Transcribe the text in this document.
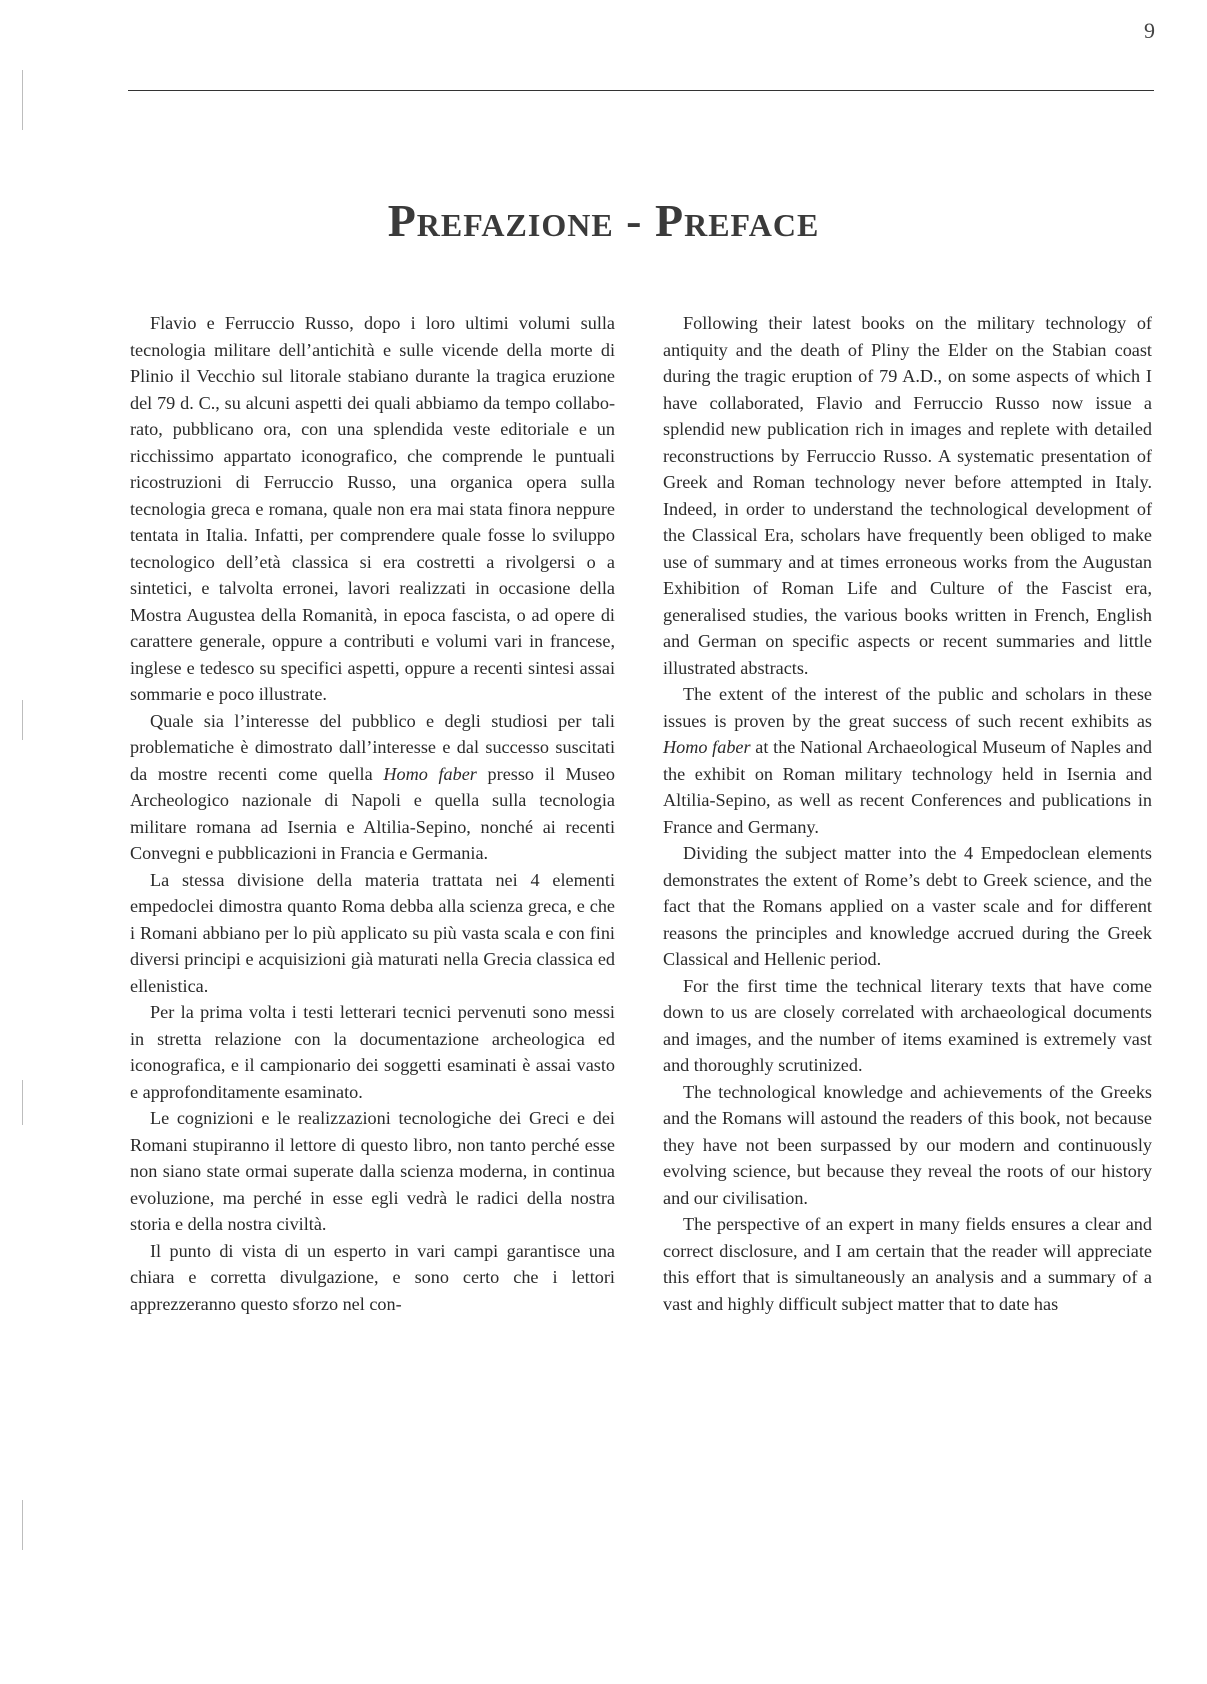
9
Prefazione - Preface

Flavio e Ferruccio Russo, dopo i loro ultimi volumi sulla tecnologia militare dell’antichità e sulle vicende della morte di Plinio il Vecchio sul litorale stabiano durante la tragica eruzione del 79 d. C., su alcuni aspetti dei quali abbiamo da tempo collaborato, pubblicano ora, con una splendida veste editoriale e un ricchissimo appartato iconografico, che comprende le puntuali ricostruzioni di Ferruccio Russo, una organica opera sulla tecnologia greca e romana, quale non era mai stata finora neppure tentata in Italia. Infatti, per comprendere quale fosse lo sviluppo tecnologico dell’età classica si era costretti a rivolgersi o a sintetici, e talvolta erronei, lavori realizzati in occasione della Mostra Augustea della Romanità, in epoca fascista, o ad opere di carattere generale, oppure a contributi e volumi vari in francese, inglese e tedesco su specifici aspetti, oppure a recenti sintesi assai sommarie e poco illustrate.

Quale sia l’interesse del pubblico e degli studiosi per tali problematiche è dimostrato dall’interesse e dal successo suscitati da mostre recenti come quella Homo faber presso il Museo Archeologico nazionale di Napoli e quella sulla tecnologia militare romana ad Isernia e Altilia-Sepino, nonché ai recenti Convegni e pubblicazioni in Francia e Germania.

La stessa divisione della materia trattata nei 4 elementi empedoclei dimostra quanto Roma debba alla scienza greca, e che i Romani abbiano per lo più applicato su più vasta scala e con fini diversi principi e acquisizioni già maturati nella Grecia classica ed ellenistica.

Per la prima volta i testi letterari tecnici pervenuti sono messi in stretta relazione con la documentazione archeologica ed iconografica, e il campionario dei soggetti esaminati è assai vasto e approfonditamente esaminato.

Le cognizioni e le realizzazioni tecnologiche dei Greci e dei Romani stupiranno il lettore di questo libro, non tanto perché esse non siano state ormai superate dalla scienza moderna, in continua evoluzione, ma perché in esse egli vedrà le radici della nostra storia e della nostra civiltà.

Il punto di vista di un esperto in vari campi garantisce una chiara e corretta divulgazione, e sono certo che i lettori apprezzeranno questo sforzo nel con-

Following their latest books on the military technology of antiquity and the death of Pliny the Elder on the Stabian coast during the tragic eruption of 79 A.D., on some aspects of which I have collaborated, Flavio and Ferruccio Russo now issue a splendid new publication rich in images and replete with detailed reconstructions by Ferruccio Russo. A systematic presentation of Greek and Roman technology never before attempted in Italy. Indeed, in order to understand the technological development of the Classical Era, scholars have frequently been obliged to make use of summary and at times erroneous works from the Augustan Exhibition of Roman Life and Culture of the Fascist era, generalised studies, the various books written in French, English and German on specific aspects or recent summaries and little illustrated abstracts.

The extent of the interest of the public and scholars in these issues is proven by the great success of such recent exhibits as Homo faber at the National Archaeological Museum of Naples and the exhibit on Roman military technology held in Isernia and Altilia-Sepino, as well as recent Conferences and publications in France and Germany.

Dividing the subject matter into the 4 Empedoclean elements demonstrates the extent of Rome’s debt to Greek science, and the fact that the Romans applied on a vaster scale and for different reasons the principles and knowledge accrued during the Greek Classical and Hellenic period.

For the first time the technical literary texts that have come down to us are closely correlated with archaeological documents and images, and the number of items examined is extremely vast and thoroughly scrutinized.

The technological knowledge and achievements of the Greeks and the Romans will astound the readers of this book, not because they have not been surpassed by our modern and continuously evolving science, but because they reveal the roots of our history and our civilisation.

The perspective of an expert in many fields ensures a clear and correct disclosure, and I am certain that the reader will appreciate this effort that is simultaneously an analysis and a summary of a vast and highly difficult subject matter that to date has
